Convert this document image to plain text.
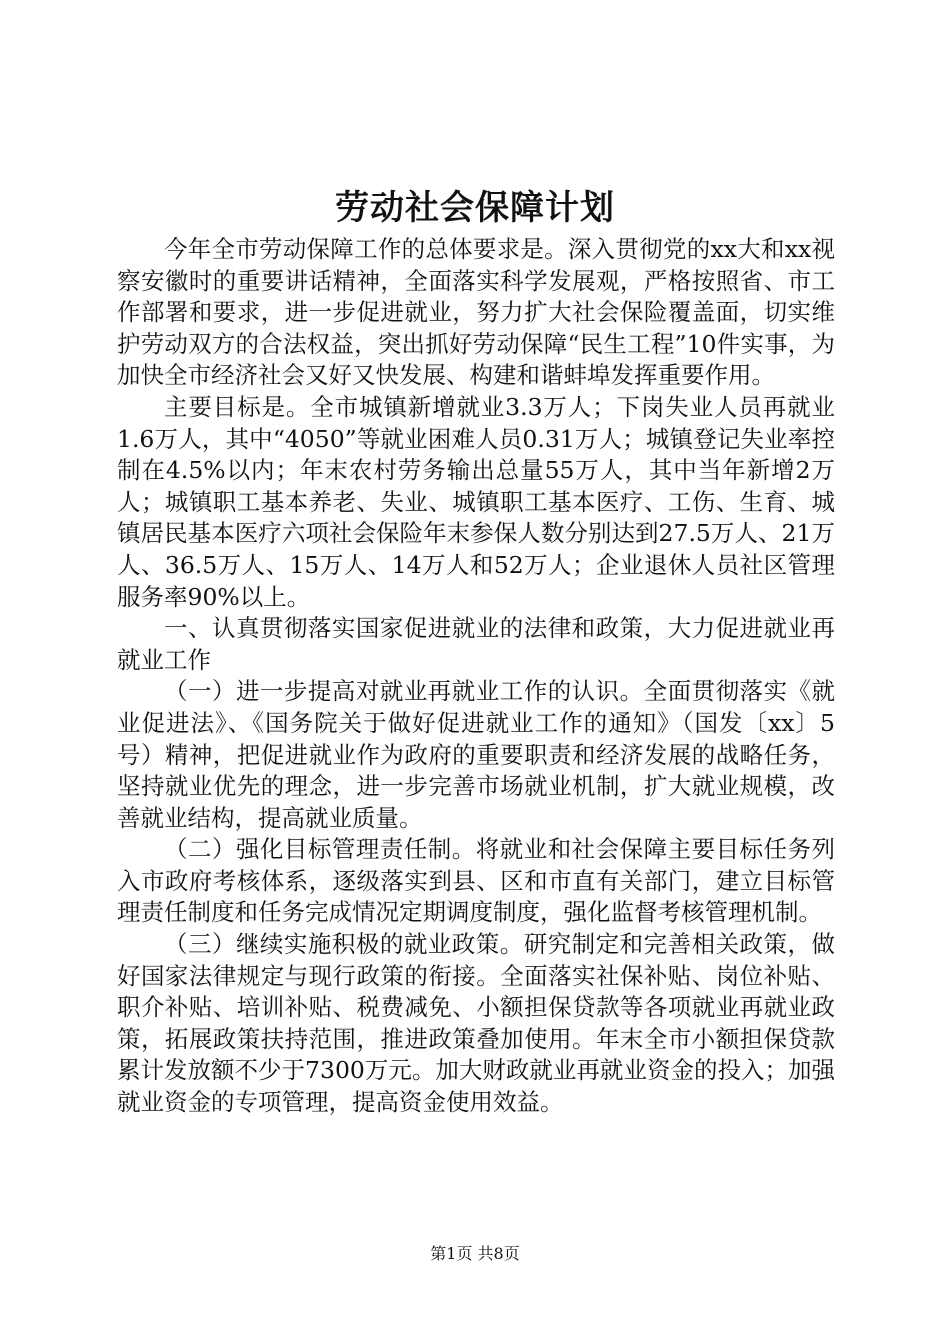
劳动社会保障计划

今年全市劳动保障工作的总体要求是。深入贯彻党的xx大和xx视察安徽时的重要讲话精神，全面落实科学发展观，严格按照省、市工作部署和要求，进一步促进就业，努力扩大社会保险覆盖面，切实维护劳动双方的合法权益，突出抓好劳动保障“民生工程”10件实事，为加快全市经济社会又好又快发展、构建和谐蚌埠发挥重要作用。

主要目标是。全市城镇新增就业3.3万人；下岗失业人员再就业1.6万人，其中“4050”等就业困难人员0.31万人；城镇登记失业率控制在4.5%以内；年末农村劳务输出总量55万人，其中当年新增2万人；城镇职工基本养老、失业、城镇职工基本医疗、工伤、生育、城镇居民基本医疗六项社会保险年末参保人数分别达到27.5万人、21万人、36.5万人、15万人、14万人和52万人；企业退休人员社区管理服务率90%以上。

一、认真贯彻落实国家促进就业的法律和政策，大力促进就业再就业工作

（一）进一步提高对就业再就业工作的认识。全面贯彻落实《就业促进法》、《国务院关于做好促进就业工作的通知》（国发〔xx〕5号）精神，把促进就业作为政府的重要职责和经济发展的战略任务，坚持就业优先的理念，进一步完善市场就业机制，扩大就业规模，改善就业结构，提高就业质量。

（二）强化目标管理责任制。将就业和社会保障主要目标任务列入市政府考核体系，逐级落实到县、区和市直有关部门，建立目标管理责任制度和任务完成情况定期调度制度，强化监督考核管理机制。

（三）继续实施积极的就业政策。研究制定和完善相关政策，做好国家法律规定与现行政策的衔接。全面落实社保补贴、岗位补贴、职介补贴、培训补贴、税费减免、小额担保贷款等各项就业再就业政策，拓展政策扶持范围，推进政策叠加使用。年末全市小额担保贷款累计发放额不少于7300万元。加大财政就业再就业资金的投入；加强就业资金的专项管理，提高资金使用效益。

第1页 共8页
